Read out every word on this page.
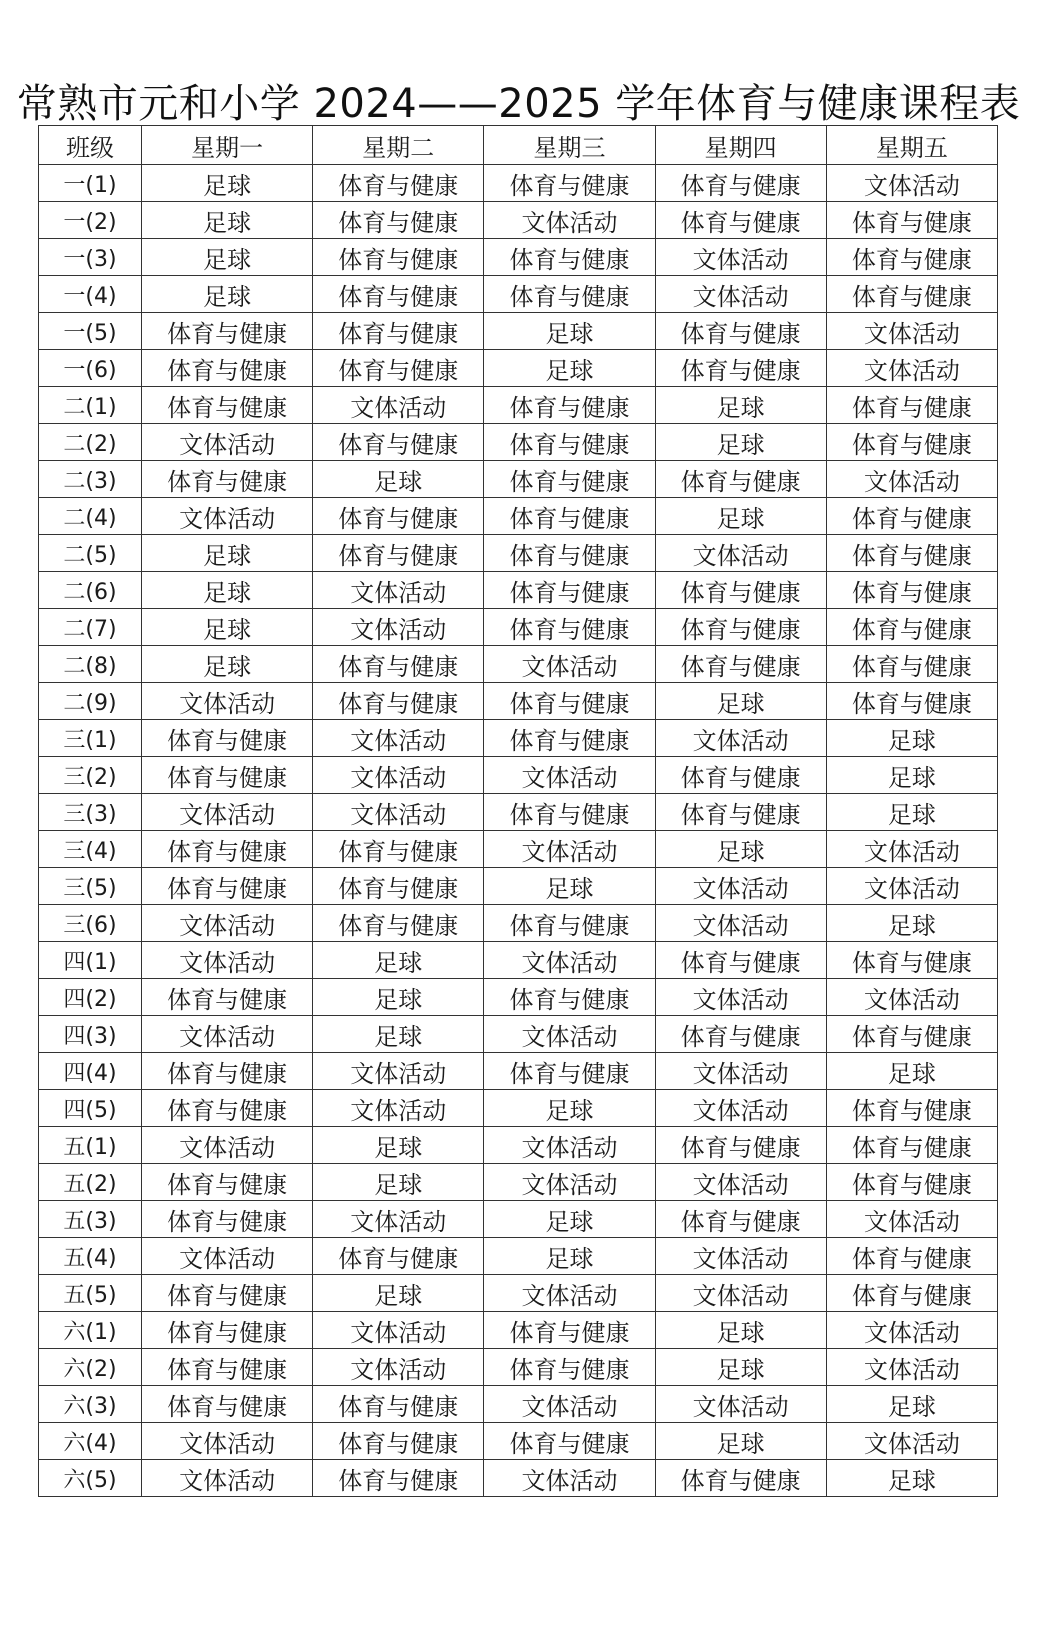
常熟市元和小学 2024——2025 学年体育与健康课程表
班级	星期一	星期二	星期三	星期四	星期五
一(1)	足球	体育与健康	体育与健康	体育与健康	文体活动
一(2)	足球	体育与健康	文体活动	体育与健康	体育与健康
一(3)	足球	体育与健康	体育与健康	文体活动	体育与健康
一(4)	足球	体育与健康	体育与健康	文体活动	体育与健康
一(5)	体育与健康	体育与健康	足球	体育与健康	文体活动
一(6)	体育与健康	体育与健康	足球	体育与健康	文体活动
二(1)	体育与健康	文体活动	体育与健康	足球	体育与健康
二(2)	文体活动	体育与健康	体育与健康	足球	体育与健康
二(3)	体育与健康	足球	体育与健康	体育与健康	文体活动
二(4)	文体活动	体育与健康	体育与健康	足球	体育与健康
二(5)	足球	体育与健康	体育与健康	文体活动	体育与健康
二(6)	足球	文体活动	体育与健康	体育与健康	体育与健康
二(7)	足球	文体活动	体育与健康	体育与健康	体育与健康
二(8)	足球	体育与健康	文体活动	体育与健康	体育与健康
二(9)	文体活动	体育与健康	体育与健康	足球	体育与健康
三(1)	体育与健康	文体活动	体育与健康	文体活动	足球
三(2)	体育与健康	文体活动	文体活动	体育与健康	足球
三(3)	文体活动	文体活动	体育与健康	体育与健康	足球
三(4)	体育与健康	体育与健康	文体活动	足球	文体活动
三(5)	体育与健康	体育与健康	足球	文体活动	文体活动
三(6)	文体活动	体育与健康	体育与健康	文体活动	足球
四(1)	文体活动	足球	文体活动	体育与健康	体育与健康
四(2)	体育与健康	足球	体育与健康	文体活动	文体活动
四(3)	文体活动	足球	文体活动	体育与健康	体育与健康
四(4)	体育与健康	文体活动	体育与健康	文体活动	足球
四(5)	体育与健康	文体活动	足球	文体活动	体育与健康
五(1)	文体活动	足球	文体活动	体育与健康	体育与健康
五(2)	体育与健康	足球	文体活动	文体活动	体育与健康
五(3)	体育与健康	文体活动	足球	体育与健康	文体活动
五(4)	文体活动	体育与健康	足球	文体活动	体育与健康
五(5)	体育与健康	足球	文体活动	文体活动	体育与健康
六(1)	体育与健康	文体活动	体育与健康	足球	文体活动
六(2)	体育与健康	文体活动	体育与健康	足球	文体活动
六(3)	体育与健康	体育与健康	文体活动	文体活动	足球
六(4)	文体活动	体育与健康	体育与健康	足球	文体活动
六(5)	文体活动	体育与健康	文体活动	体育与健康	足球
